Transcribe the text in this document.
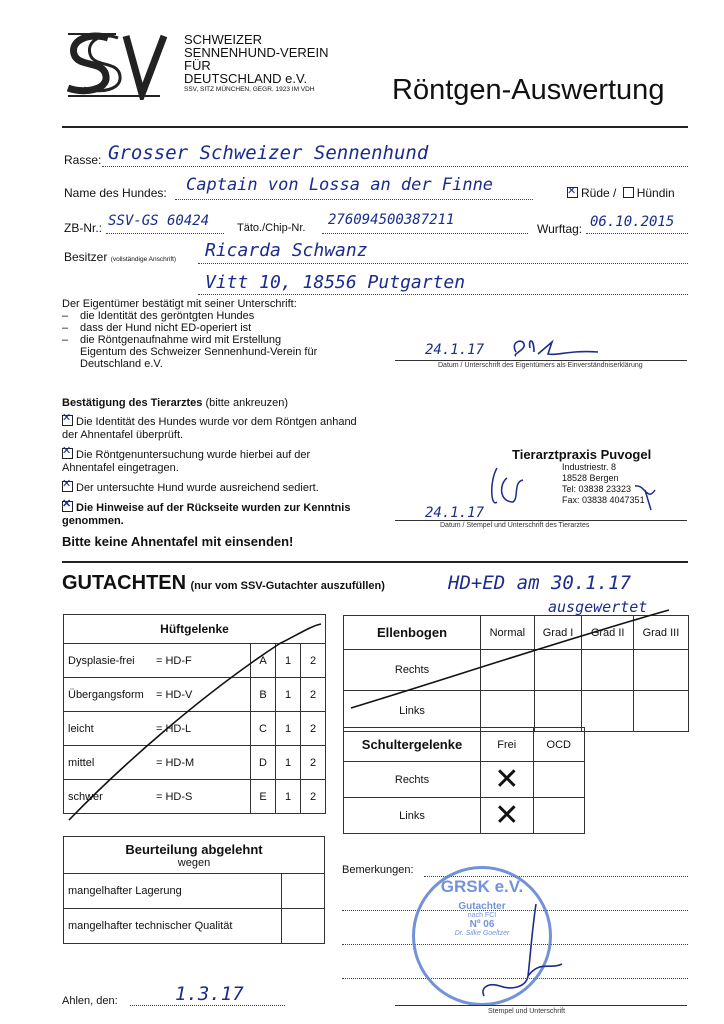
SCHWEIZER
SENNENHUND-VEREIN
FÜR
DEUTSCHLAND e.V.
SSV, SITZ MÜNCHEN, GEGR. 1923 IM VDH	Röntgen-Auswertung
Rasse: Grosser Schweizer Sennenhund
Name des Hundes: Captain von Lossa an der Finne ✕	Rüde / Hündin
ZB-Nr.: SSV-GS 60424	Täto./Chip-Nr. 276094500387211
Wurftag: 06.10.2015
Besitzer (vollständige Anschrift) Ricarda Schwanz
Vitt 10, 18556 Putgarten
Der Eigentümer bestätigt mit seiner Unterschrift:
– die Identität des geröntgten Hundes
– dass der Hund nicht ED-operiert ist
– die Röntgenaufnahme wird mit Erstellung Eigentum des Schweizer Sennenhund-Verein für Deutschland e.V.
24.1.17
Datum / Unterschrift des Eigentümers als Einverständniserklärung
Bestätigung des Tierarztes (bitte ankreuzen)
✕Die Identität des Hundes wurde vor dem Röntgen anhand der Ahnentafel überprüft.
✕Die Röntgenuntersuchung wurde hierbei auf der Ahnentafel eingetragen.
✕Der untersuchte Hund wurde ausreichend sediert.
✕Die Hinweise auf der Rückseite wurden zur Kenntnis genommen.
Tierarztpraxis Puvogel
Industriestr. 8
18528 Bergen
Tel: 03838 23323
Fax: 03838 4047351
24.1.17
Datum / Stempel und Unterschrift des Tierarztes
Bitte keine Ahnentafel mit einsenden!
GUTACHTEN (nur vom SSV-Gutachter auszufüllen)	HD+ED am 30.1.17
ausgewertet
Hüftgelenke				
Dysplasie-frei	= HD-F	A	1	2
Übergangsform	= HD-V	B	1	2
leicht	= HD-L	C	1	2
mittel	= HD-M	D	1	2
schwer	= HD-S	E	1	2
Ellenbogen	Normal	Grad I	Grad II	Grad III
Rechts				
Links				
Schultergelenke	Frei	OCD
Rechts	✕	
Links	✕	
Beurteilung abgelehnt
wegen	

mangelhafter Lagerung	
mangelhafter technischer Qualität	
Bemerkungen:
GRSK e.V.
Gutachter
nach FCI
Nº 06
Dr. Silke Goeltzer
Ahlen, den:	1.3.17
Stempel und Unterschrift
